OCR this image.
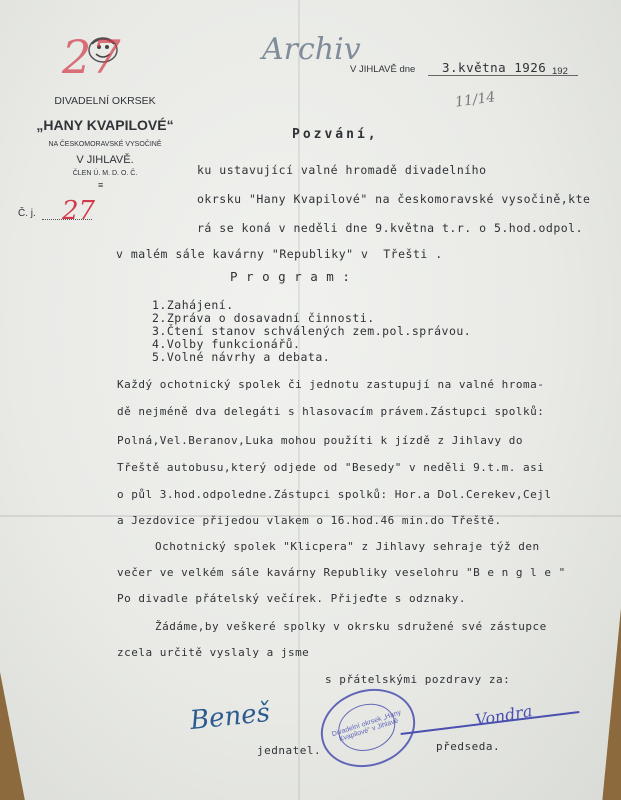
27
DIVADELNÍ OKRSEK
„HANY KVAPILOVÉ“
NA ČESKOMORAVSKÉ VYSOČINĚ
V JIHLAVĚ.
ČLEN Ú. M. D. O. Č.
≡
Č. j. 27
Archiv
V JIHLAVĚ dne 3.května 1926 192
11/14
Pozvání,
ku ustavující valné hromadě divadelního
okrsku "Hany Kvapilové" na českomoravské vysočině,kte
rá se koná v neděli dne 9.května t.r. o 5.hod.odpol.
v malém sále kavárny "Republiky" v  Třešti .
P r o g r a m :
1.Zahájení.
2.Zpráva o dosavadní činnosti.
3.Čtení stanov schválených zem.pol.správou.
4.Volby funkcionářů.
5.Volné návrhy a debata.
Každý ochotnický spolek či jednotu zastupují na valné hroma-
dě nejméně dva delegáti s hlasovacím právem.Zástupci spolků:
Polná,Vel.Beranov,Luka mohou použíti k jízdě z Jihlavy do
Třeště autobusu,který odjede od "Besedy" v neděli 9.t.m. asi
o půl 3.hod.odpoledne.Zástupci spolků: Hor.a Dol.Cerekev,Cejl
a Jezdovice přijedou vlakem o 16.hod.46 min.do Třeště.
Ochotnický spolek "Klicpera" z Jihlavy sehraje týž den
večer ve velkém sále kavárny Republiky veselohru "B e n g l e "
Po divadle přátelský večírek. Přijeďte s odznaky.
Žádáme,by veškeré spolky v okrsku sdružené své zástupce
zcela určitě vyslaly a jsme
s přátelskými pozdravy za:
Beneš
jednatel.
Vondra
předseda.
Divadelní okrsek „Hany Kvapilové“ v Jihlavě
